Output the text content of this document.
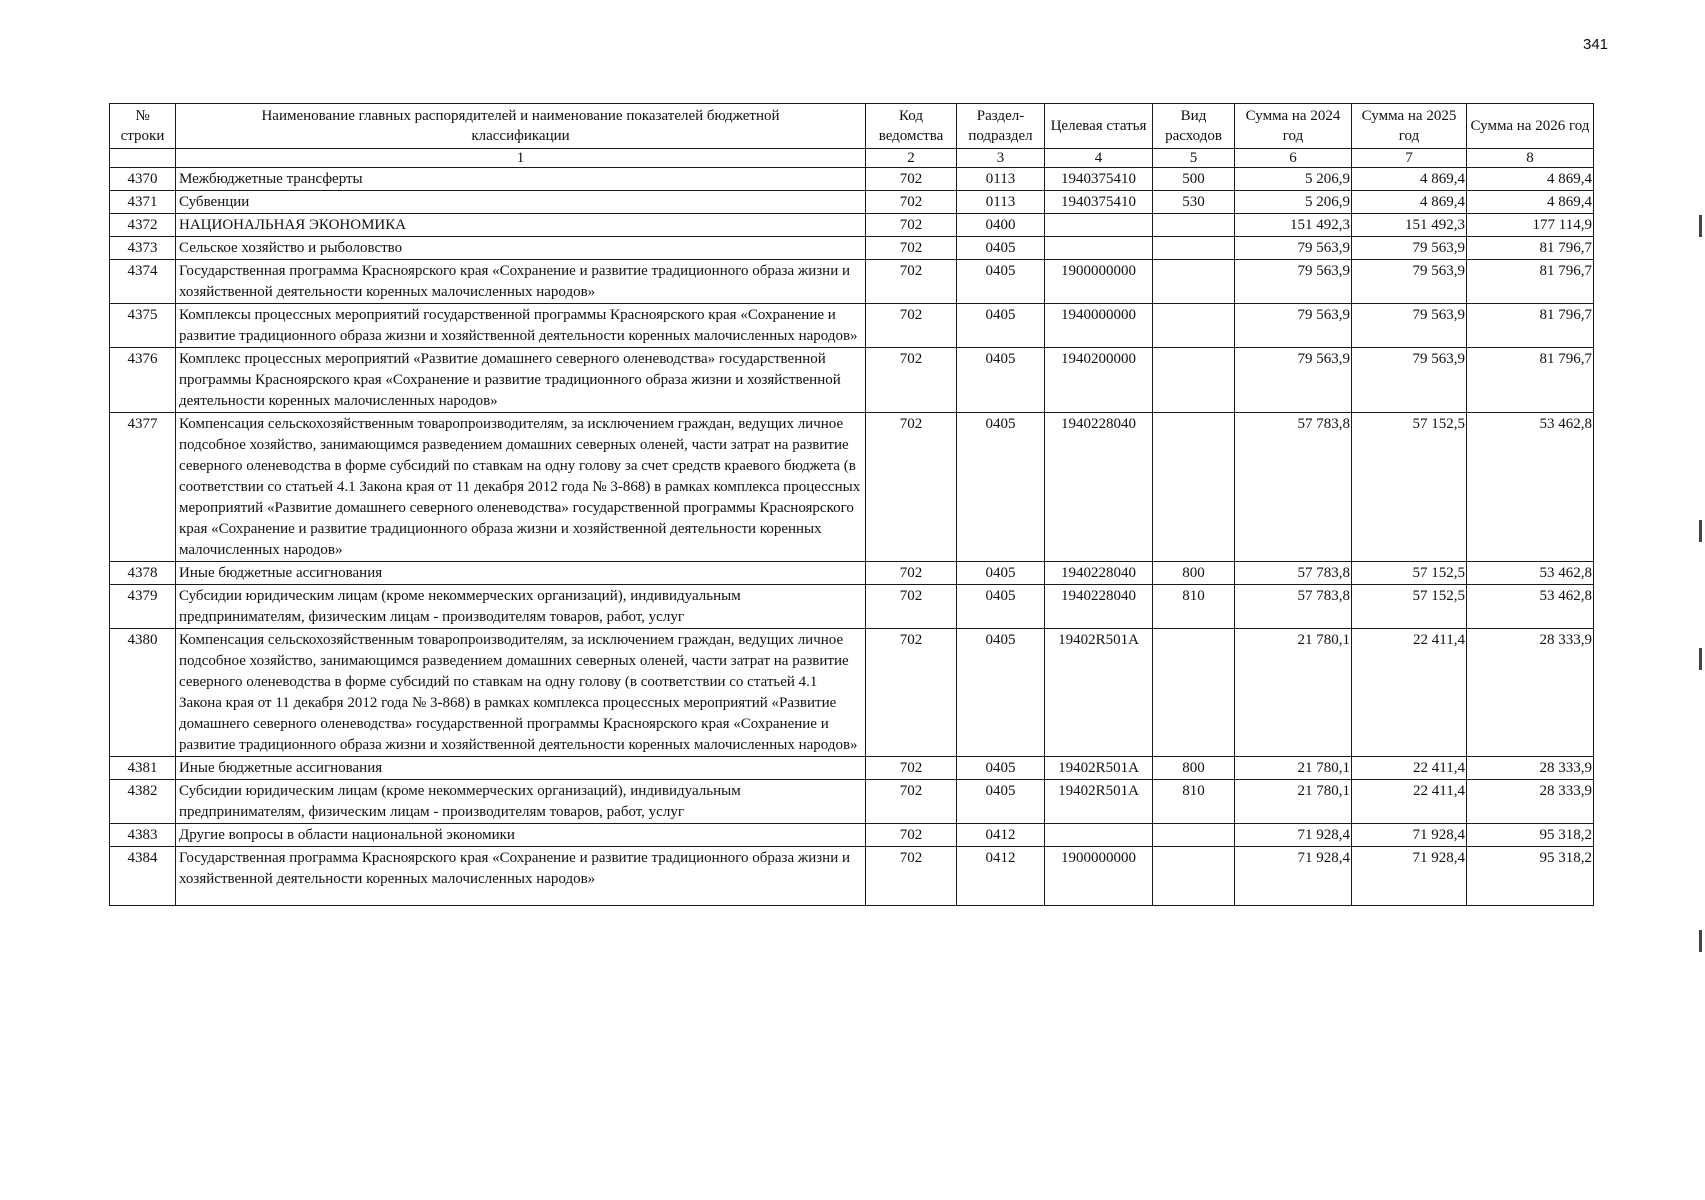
341
№ строки	Наименование главных распорядителей и наименование показателей бюджетной классификации	Код ведомства	Раздел-подраздел	Целевая статья	Вид расходов	Сумма на 2024 год	Сумма на 2025 год	Сумма на 2026 год
	1	2	3	4	5	6	7	8
4370	Межбюджетные трансферты	702	0113	1940375410	500	5 206,9	4 869,4	4 869,4
4371	Субвенции	702	0113	1940375410	530	5 206,9	4 869,4	4 869,4
4372	НАЦИОНАЛЬНАЯ ЭКОНОМИКА	702	0400			151 492,3	151 492,3	177 114,9
4373	Сельское хозяйство и рыболовство	702	0405			79 563,9	79 563,9	81 796,7
4374	Государственная программа Красноярского края «Сохранение и развитие традиционного образа жизни и хозяйственной деятельности коренных малочисленных народов»	702	0405	1900000000		79 563,9	79 563,9	81 796,7
4375	Комплексы процессных мероприятий государственной программы Красноярского края «Сохранение и развитие традиционного образа жизни и хозяйственной деятельности коренных малочисленных народов»	702	0405	1940000000		79 563,9	79 563,9	81 796,7
4376	Комплекс процессных мероприятий «Развитие домашнего северного оленеводства» государственной программы Красноярского края «Сохранение и развитие традиционного образа жизни и хозяйственной деятельности коренных малочисленных народов»	702	0405	1940200000		79 563,9	79 563,9	81 796,7
4377	Компенсация сельскохозяйственным товаропроизводителям, за исключением граждан, ведущих личное подсобное хозяйство, занимающимся разведением домашних северных оленей, части затрат на развитие северного оленеводства в форме субсидий по ставкам на одну голову за счет средств краевого бюджета (в соответствии со статьей 4.1 Закона края от 11 декабря 2012 года № 3-868) в рамках комплекса процессных мероприятий «Развитие домашнего северного оленеводства» государственной программы Красноярского края «Сохранение и развитие традиционного образа жизни и хозяйственной деятельности коренных малочисленных народов»	702	0405	1940228040		57 783,8	57 152,5	53 462,8
4378	Иные бюджетные ассигнования	702	0405	1940228040	800	57 783,8	57 152,5	53 462,8
4379	Субсидии юридическим лицам (кроме некоммерческих организаций), индивидуальным предпринимателям, физическим лицам - производителям товаров, работ, услуг	702	0405	1940228040	810	57 783,8	57 152,5	53 462,8
4380	Компенсация сельскохозяйственным товаропроизводителям, за исключением граждан, ведущих личное подсобное хозяйство, занимающимся разведением домашних северных оленей, части затрат на развитие северного оленеводства в форме субсидий по ставкам на одну голову (в соответствии со статьей 4.1 Закона края от 11 декабря 2012 года № 3-868) в рамках комплекса процессных мероприятий «Развитие домашнего северного оленеводства» государственной программы Красноярского края «Сохранение и развитие традиционного образа жизни и хозяйственной деятельности коренных малочисленных народов»	702	0405	19402R501A		21 780,1	22 411,4	28 333,9
4381	Иные бюджетные ассигнования	702	0405	19402R501A	800	21 780,1	22 411,4	28 333,9
4382	Субсидии юридическим лицам (кроме некоммерческих организаций), индивидуальным предпринимателям, физическим лицам - производителям товаров, работ, услуг	702	0405	19402R501A	810	21 780,1	22 411,4	28 333,9
4383	Другие вопросы в области национальной экономики	702	0412			71 928,4	71 928,4	95 318,2
4384	Государственная программа Красноярского края «Сохранение и развитие традиционного образа жизни и хозяйственной деятельности коренных малочисленных народов»	702	0412	1900000000		71 928,4	71 928,4	95 318,2
